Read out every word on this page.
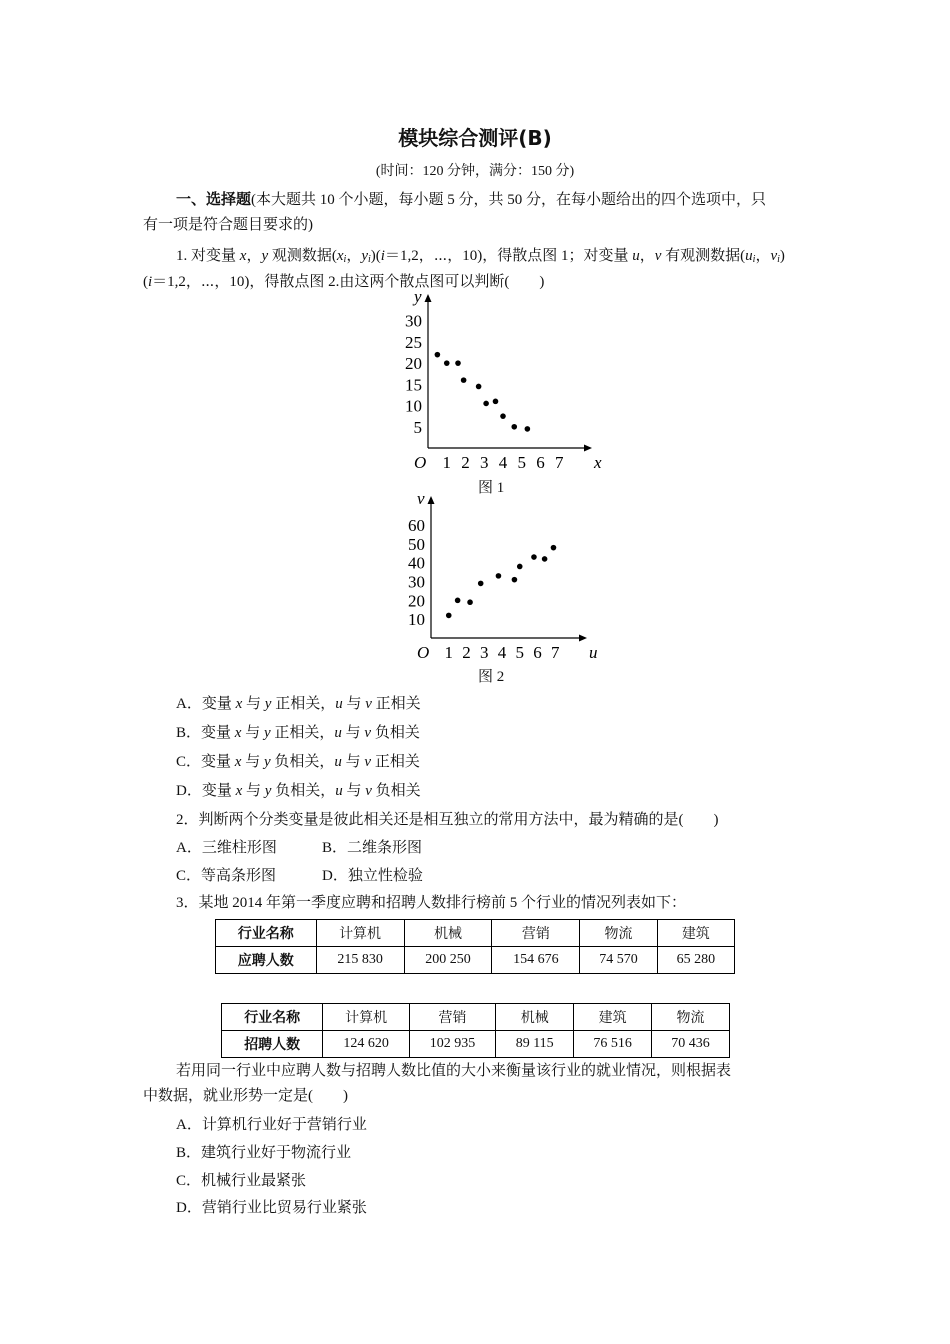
模块综合测评(B)
(时间：120 分钟，满分：150 分)
一、选择题(本大题共 10 个小题，每小题 5 分，共 50 分，在每小题给出的四个选项中，只
有一项是符合题目要求的)
1. 对变量 x，y 观测数据($x_i$，$y_i)(i=1,2$，⋯，10)，得散点图 1；对变量 u，v 有观测数据($u_i$，$v_i$)
(i＝1,2，⋯，10)，得散点图 2.由这两个散点图可以判断(　　)
O	x
y
1 2 3 4 5 6 7
5
10
15
20
25
30
图 1
O	u
v
1 2 3 4 5 6 7
10
20
30
40
50
60
图 2
A．变量 x 与 y 正相关，u 与 v 正相关
B．变量 x 与 y 正相关，u 与 v 负相关
C．变量 x 与 y 负相关，u 与 v 正相关
D．变量 x 与 y 负相关，u 与 v 负相关
2．判断两个分类变量是彼此相关还是相互独立的常用方法中，最为精确的是(　　)
A．三维柱形图	B．二维条形图
C．等高条形图	D．独立性检验
3．某地 2014 年第一季度应聘和招聘人数排行榜前 5 个行业的情况列表如下：
行业名称	计算机	机械	营销	物流	建筑
应聘人数	215 830	200 250	154 676	74 570	65 280
行业名称	计算机	营销	机械	建筑	物流
招聘人数	124 620	102 935	89 115	76 516	70 436
若用同一行业中应聘人数与招聘人数比值的大小来衡量该行业的就业情况，则根据表
中数据，就业形势一定是(　　)
A．计算机行业好于营销行业
B．建筑行业好于物流行业
C．机械行业最紧张
D．营销行业比贸易行业紧张
